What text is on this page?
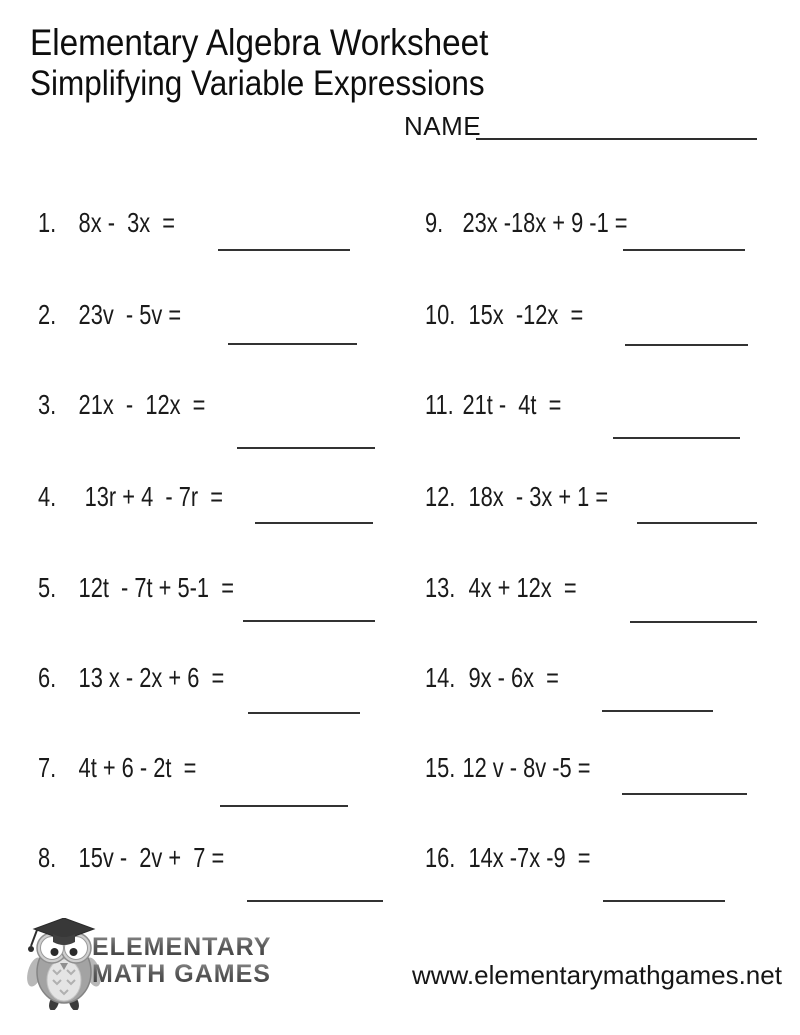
Elementary Algebra Worksheet
Simplifying Variable Expressions
NAME
1. 8x -  3x  =
2. 23v  - 5v =
3. 21x  -  12x  =
4. 13r + 4  - 7r  =
5. 12t  - 7t + 5-1  =
6. 13 x - 2x + 6  =
7. 4t + 6 - 2t  =
8. 15v -  2v +  7 =
9. 23x -18x + 9 -1 =
10. 15x  -12x  =
11. 21t -  4t  =
12. 18x  - 3x + 1 =
13. 4x + 12x  =
14. 9x - 6x  =
15. 12 v - 8v -5 =
16. 14x -7x -9  =
ELEMENTARY
MATH GAMES	www.elementarymathgames.net
